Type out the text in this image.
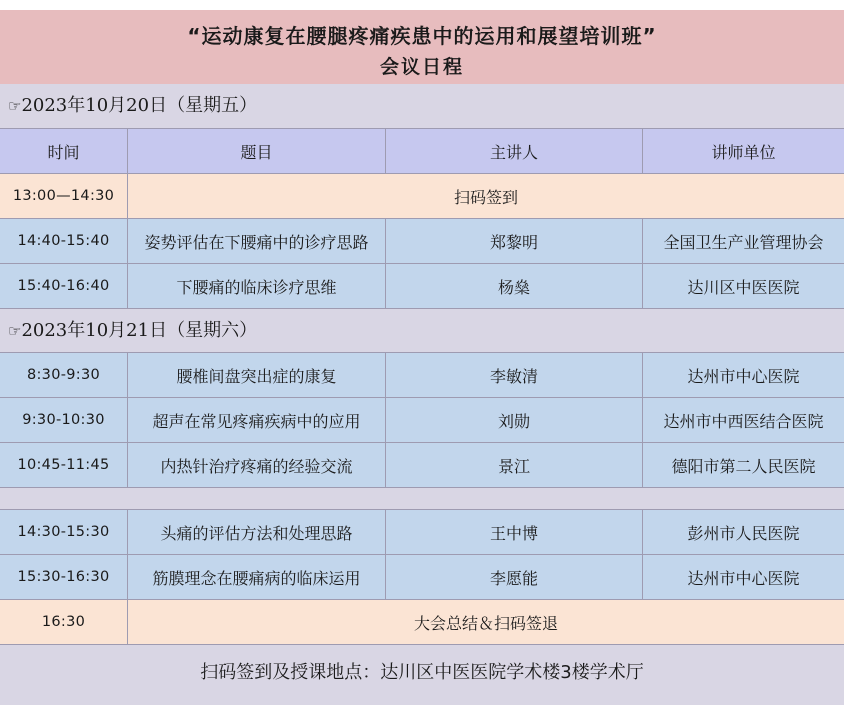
“运动康复在腰腿疼痛疾患中的运用和展望培训班”
会议日程
☞2023年10月20日（星期五）
时间	题目	主讲人	讲师单位
13:00—14:30	扫码签到
14:40-15:40	姿势评估在下腰痛中的诊疗思路	郑黎明	全国卫生产业管理协会
15:40-16:40	下腰痛的临床诊疗思维	杨燊	达川区中医医院
☞2023年10月21日（星期六）
8:30-9:30	腰椎间盘突出症的康复	李敏清	达州市中心医院
9:30-10:30	超声在常见疼痛疾病中的应用	刘勋	达州市中西医结合医院
10:45-11:45	内热针治疗疼痛的经验交流	景江	德阳市第二人民医院
14:30-15:30	头痛的评估方法和处理思路	王中博	彭州市人民医院
15:30-16:30	筋膜理念在腰痛病的临床运用	李愿能	达州市中心医院
16:30	大会总结＆扫码签退
扫码签到及授课地点：达川区中医医院学术楼3楼学术厅
